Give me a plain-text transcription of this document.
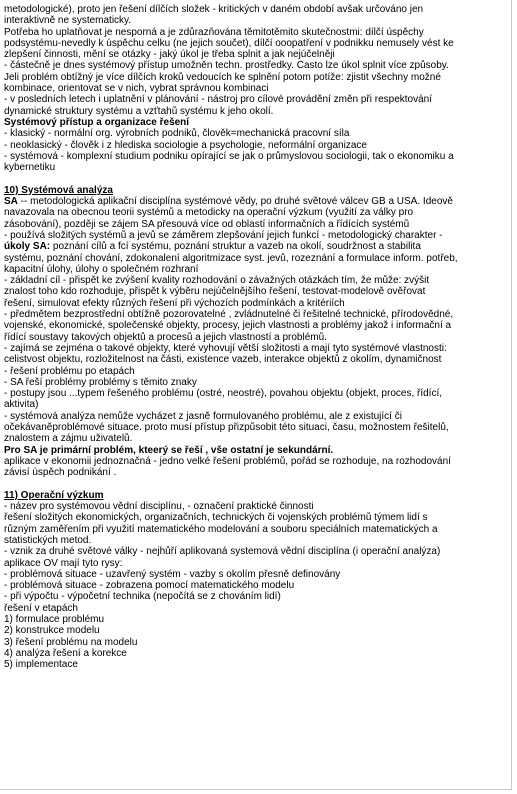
metodologické), proto jen řešení dílčích složek - kritických v daném období avšak určováno jen
interaktivně ne systematicky.
Potřeba ho uplatňovat je nesporná a je zdůrazňována těmitotěmito skutečnostmi: dílčí úspěchy
podsystému-nevedly k úspěchu celku (ne jejich součet), dílčí ooopatření v podnikku nemusely vést ke
zlepšení činnosti, mění se otázky - jaký úkol je třeba splnit a jak nejúčelněji
- částečně je dnes systémový přístup umožněn techn. prostředky. Často lze úkol splnit více způsoby.
Jeli problém obtížný je více dílčích kroků vedoucích ke splnění potom potíže: zjistit všechny možné
kombinace, orientovat se v nich, vybrat správnou kombinaci
- v posledních letech i uplatnění v plánování - nástroj pro cílové provádění změn při respektování
dynamické struktury systému a vzťtahů systému k jeho okolí.
Systémový přístup a organizace řešení
- klasický - normální org. výrobních podniků, člověk=mechanická pracovní síla
- neoklasický - člověk i z hlediska sociologie a psychologie, neformální organizace
- systémová - komplexní studium podniku opírající se jak o průmyslovou sociologii, tak o ekonomiku a
kybernetiku
10) Systémová analýza
SA -- metodologická aplikační disciplína systémové vědy, po druhé světové válcev GB a USA. Ideově
navazovala na obecnou teorii systémů a metodicky na operační výzkum (využití za války pro
zásobování), později se zájem SA přesouvá více od oblastí informačních a řídících systémů
- používá složitých systémů a jevů se záměrem zlepšování jejich funkcí - metodologický charakter -
úkoly SA: poznání cílů a fcí systému, poznání struktur a vazeb na okolí, soudržnost a stabilita
systému, poznání chování, zdokonalení algoritmizace syst. jevů, rozeznání a formulace inform. potřeb,
kapacitní úlohy, úlohy o společném rozhraní
- základní cíl - přispět ke zvýšení kvality rozhodování o závažných otázkách tím, že může: zvýšit
znalost toho kdo rozhoduje, přispět k výběru nejúčelnějšího řešení, testovat-modelově ověřovat
řešení, simulovat efekty různých řešení při výchozích podmínkách a kritériích
- předmětem bezprostřední obtížně pozorovatelné , zvládnutelné či řešitelné technické, přírodovědné,
vojenské, ekonomické, společenské objekty, procesy, jejich vlastnosti a problémy jakož i informační a
řídící soustavy takových objektů a procesů a jejich vlastností a problémů.
- zajímá se zejména o takové objekty, které vyhovují větší složitosti a mají tyto systémové vlastnosti:
celistvost objektu, rozložitelnost na části, existence vazeb, interakce objektů z okolím, dynamičnost
- řešení problému po etapách
- SA řeší problémy problémy s těmito znaky
- postupy jsou ...typem řešeného problému (ostré, neostré), povahou objektu (objekt, proces, řídící,
aktivita)
- systémová analýza nemůže vycházet z jasně formulovaného problému, ale z existující či
očekávaněproblémové situace. proto musí přístup přizpůsobit této situaci, času, možnostem řešitelů,
znalostem a zájmu uživatelů.
Pro SA je primární problém, kteerý se řeší , vše ostatní je sekundární.
aplikace v ekonomii jednoznačná - jedno velké řešení problémů, pořád se rozhoduje, na rozhodování
závisí úspěch podnikání .
11) Operační výzkum
- název pro systémovou vědní disciplínu, - označení praktické činnosti
řešení složitých ekonomických, organizačních, technických či vojenských problémů týmem lidí s
různým zaměřením při využití matematického modelování a souboru speciálních matematických a
statistických metod.
- vznik za druhé světové války - nejhůří aplikovaná systemová vědní disciplína (i operační analýza)
aplikace OV mají tyto rysy:
- problémová situace - uzavřený systém - vazby s okolím přesně definovány
- problémová situace - zobrazena pomocí matematického modelu
- při výpočtu - výpočetní technika (nepočítá se z chováním lidí)
řešení v etapách
1) formulace problému
2) konstrukce modelu
3) řešení problému na modelu
4) analýza řešení a korekce
5) implementace
